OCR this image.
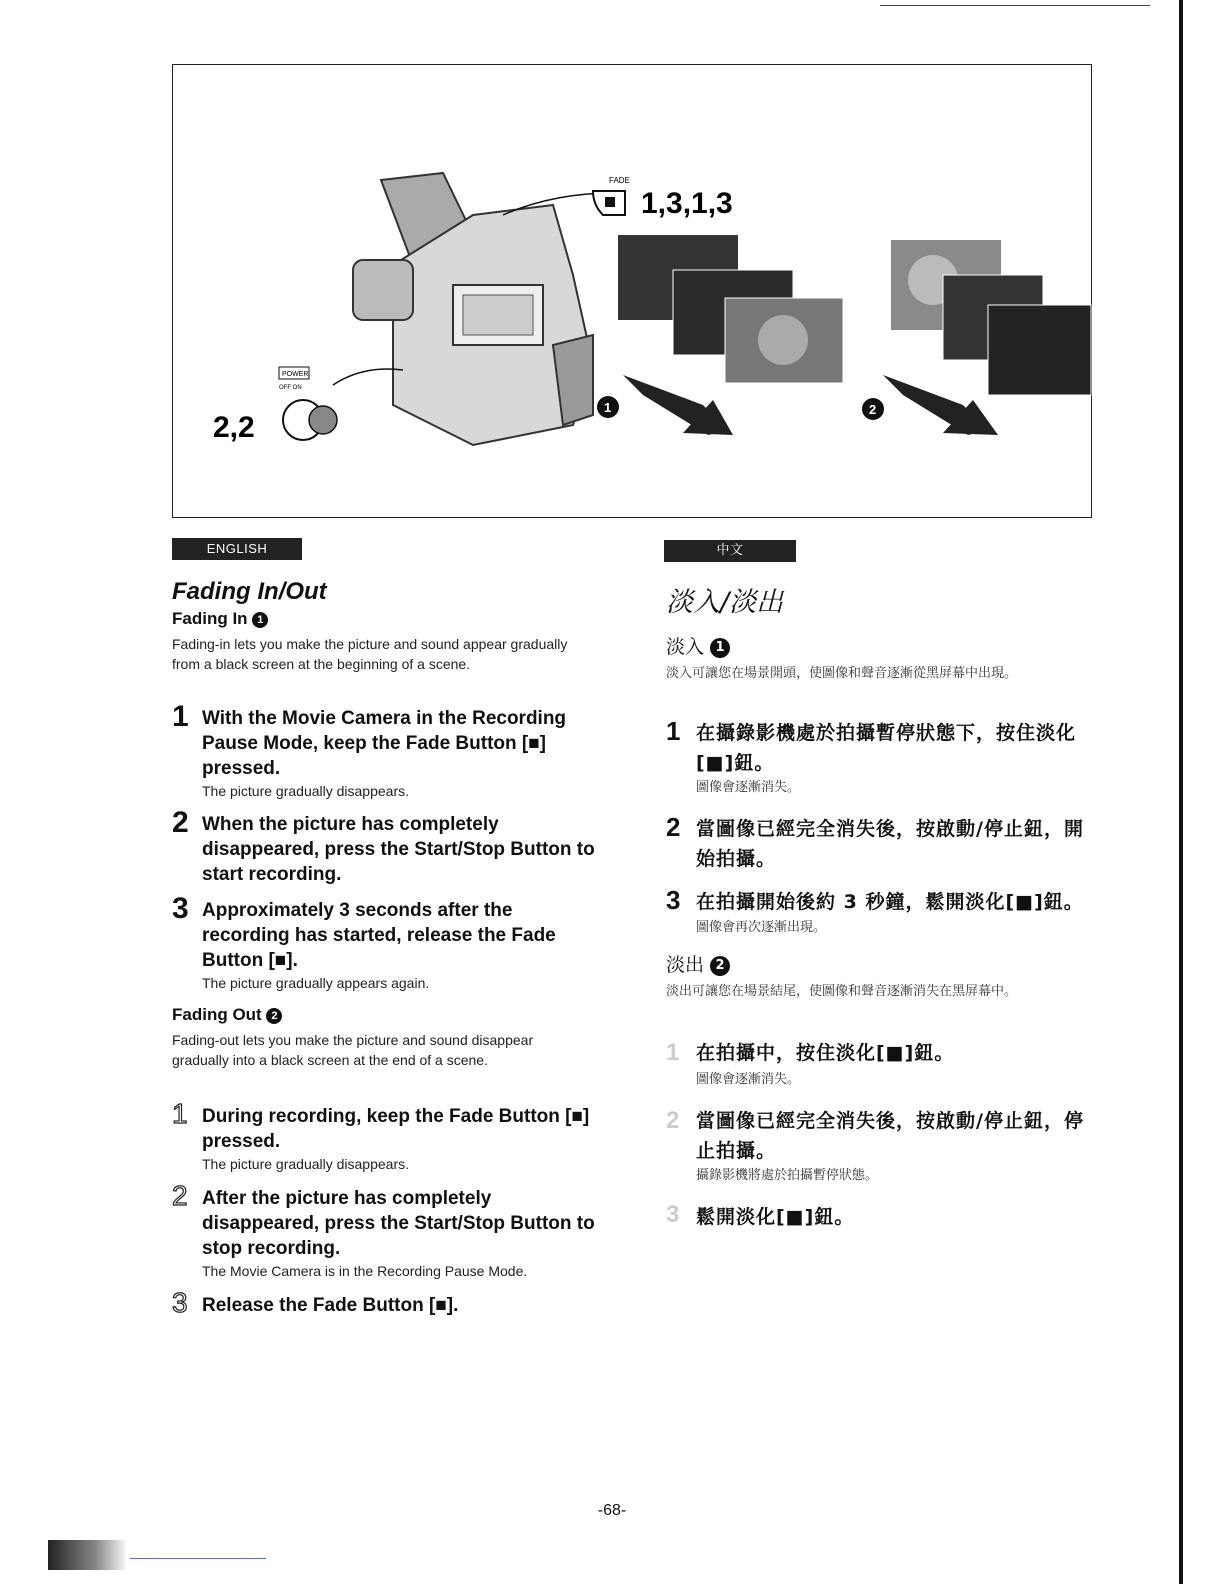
FADE
1,3,1,3
POWER
OFF ON
2,2
1	2
ENGLISH
Fading In/Out
Fading In 1
Fading-in lets you make the picture and sound appear gradually from a black screen at the beginning of a scene.
1 With the Movie Camera in the Recording Pause Mode, keep the Fade Button [■] pressed.
The picture gradually disappears.
2 When the picture has completely disappeared, press the Start/Stop Button to start recording.
3 Approximately 3 seconds after the recording has started, release the Fade Button [■].
The picture gradually appears again.
Fading Out 2
Fading-out lets you make the picture and sound disappear gradually into a black screen at the end of a scene.
1 During recording, keep the Fade Button [■] pressed.
The picture gradually disappears.
2 After the picture has completely disappeared, press the Start/Stop Button to stop recording.
The Movie Camera is in the Recording Pause Mode.
3 Release the Fade Button [■].
中文
淡入/淡出
淡入 1
淡入可讓您在場景開頭，使圖像和聲音逐漸從黑屏幕中出現。
1 在攝錄影機處於拍攝暫停狀態下，按住淡化[■]鈕。
圖像會逐漸消失。
2 當圖像已經完全消失後，按啟動/停止鈕，開始拍攝。
3 在拍攝開始後約 3 秒鐘，鬆開淡化[■]鈕。
圖像會再次逐漸出現。
淡出 2
淡出可讓您在場景結尾，使圖像和聲音逐漸消失在黑屏幕中。
1 在拍攝中，按住淡化[■]鈕。
圖像會逐漸消失。
2 當圖像已經完全消失後，按啟動/停止鈕，停止拍攝。
攝錄影機將處於拍攝暫停狀態。
3 鬆開淡化[■]鈕。
-68-
